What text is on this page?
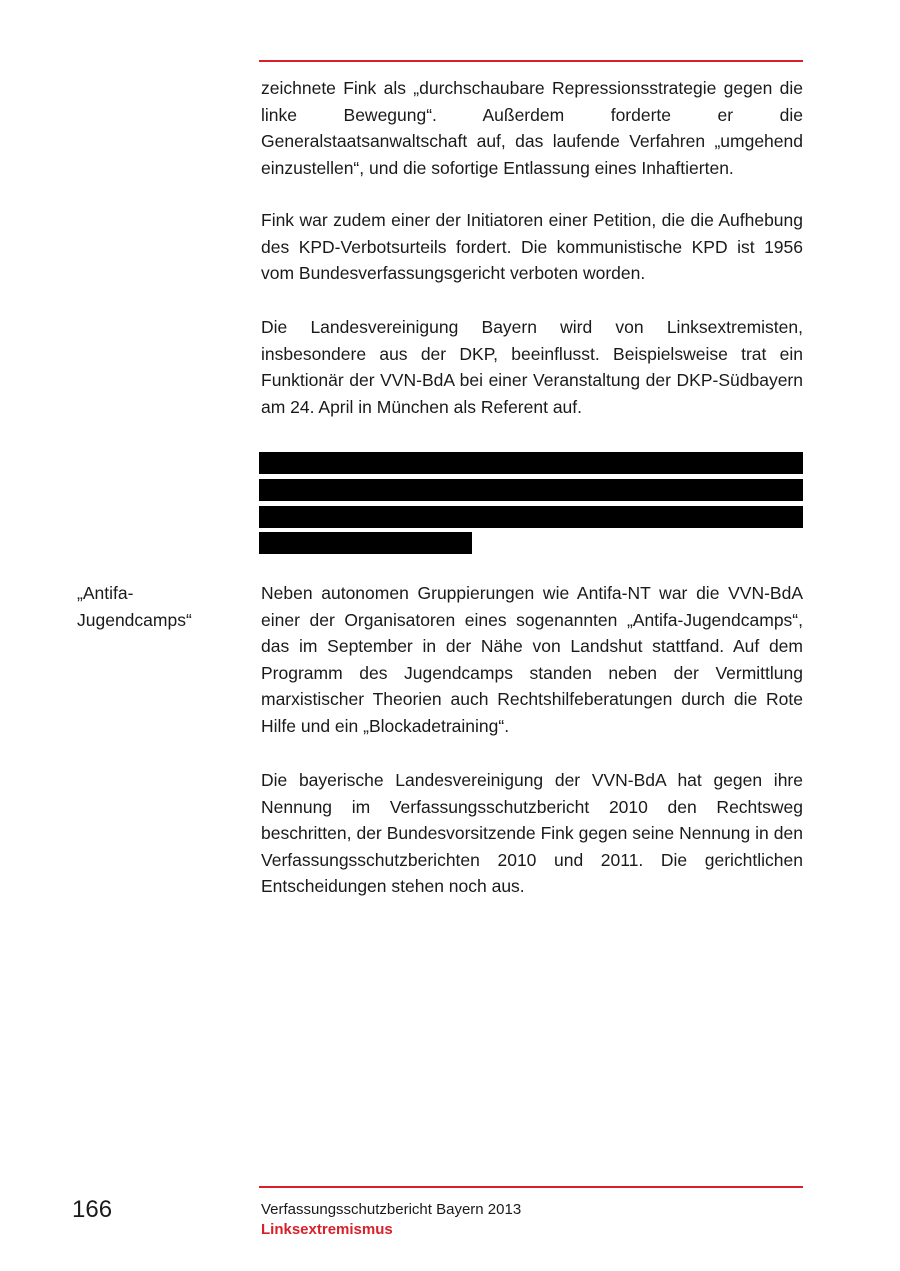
zeichnete Fink als „durchschaubare Repressionsstrategie gegen die linke Bewegung“. Außerdem forderte er die Generalstaatsanwaltschaft auf, das laufende Verfahren „umgehend einzustellen“, und die sofortige Entlassung eines Inhaftierten.

Fink war zudem einer der Initiatoren einer Petition, die die Aufhebung des KPD-Verbotsurteils fordert. Die kommunistische KPD ist 1956 vom Bundesverfassungsgericht verboten worden.

Die Landesvereinigung Bayern wird von Linksextremisten, insbesondere aus der DKP, beeinflusst. Beispielsweise trat ein Funktionär der VVN-BdA bei einer Veranstaltung der DKP-Südbayern am 24. April in München als Referent auf.

„Antifa-Jugendcamps“

Neben autonomen Gruppierungen wie Antifa-NT war die VVN-BdA einer der Organisatoren eines sogenannten „Antifa-Jugendcamps“, das im September in der Nähe von Landshut stattfand. Auf dem Programm des Jugendcamps standen neben der Vermittlung marxistischer Theorien auch Rechtshilfeberatungen durch die Rote Hilfe und ein „Blockadetraining“.

Die bayerische Landesvereinigung der VVN-BdA hat gegen ihre Nennung im Verfassungsschutzbericht 2010 den Rechtsweg beschritten, der Bundesvorsitzende Fink gegen seine Nennung in den Verfassungsschutzberichten 2010 und 2011. Die gerichtlichen Entscheidungen stehen noch aus.

166	Verfassungsschutzbericht Bayern 2013
Linksextremismus
